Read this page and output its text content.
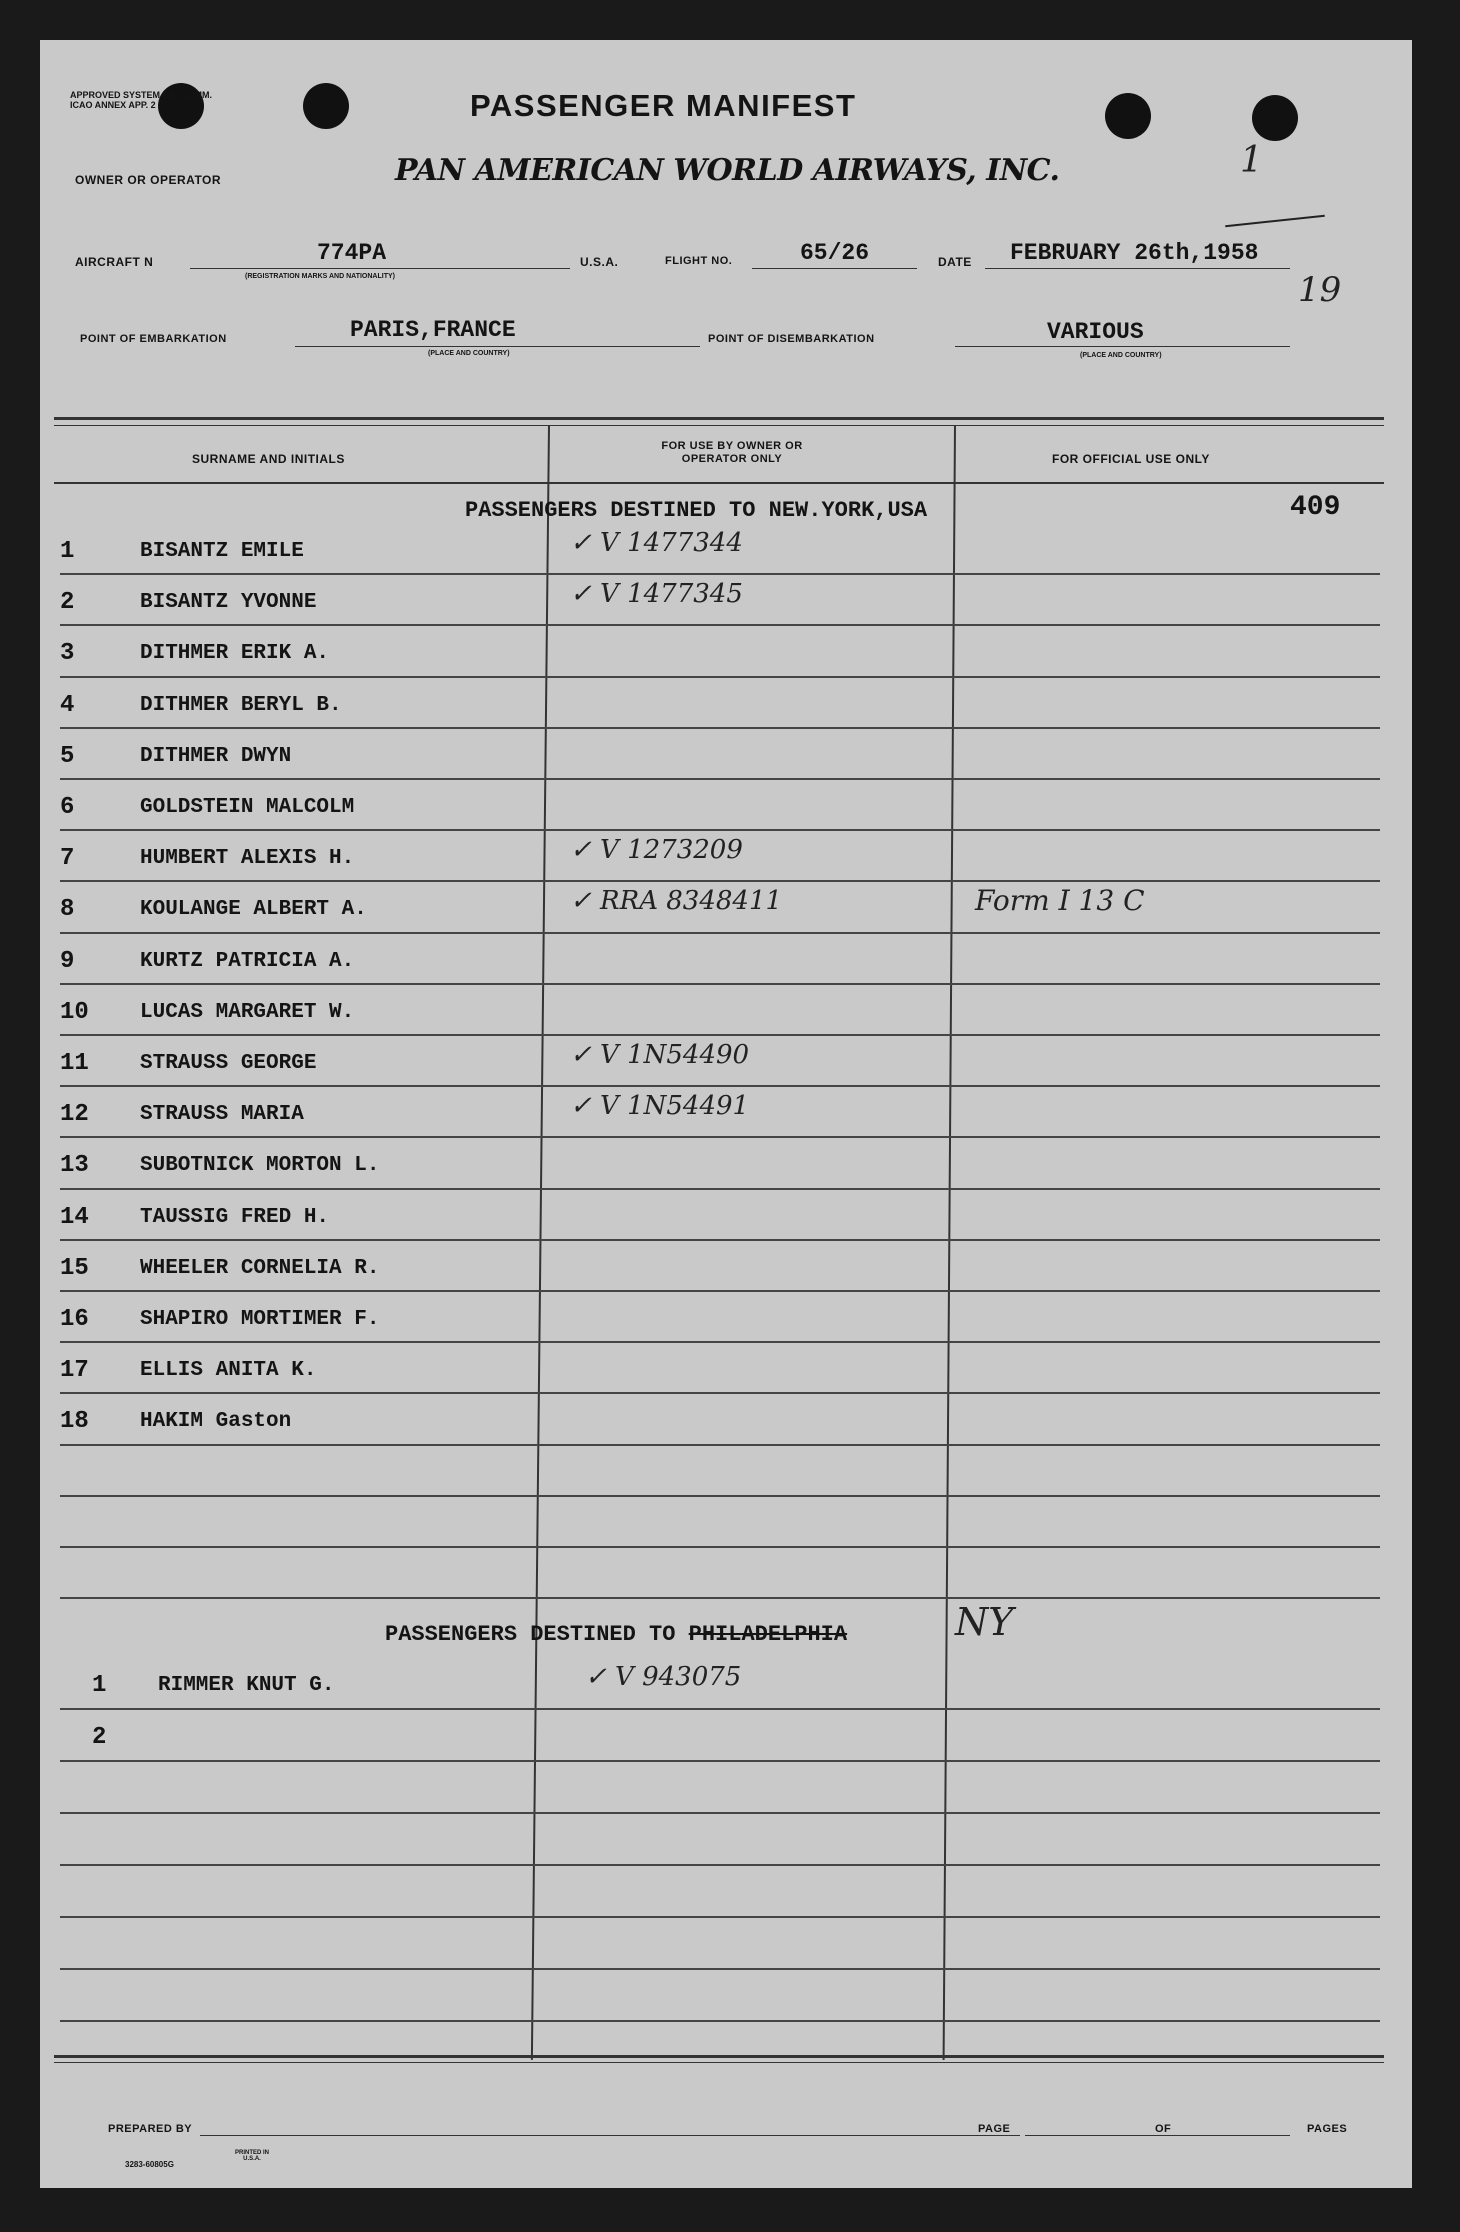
APPROVED SYSTEM F.A. COMM. ICAO ANNEX APP. 2	PASSENGER MANIFEST
OWNER OR OPERATOR	PAN AMERICAN WORLD AIRWAYS, INC.	1
19
AIRCRAFT N	774PA
(REGISTRATION MARKS AND NATIONALITY)
U.S.A.	FLIGHT NO.	65/26	DATE FEBRUARY 26th,1958
POINT OF EMBARKATION	PARIS,FRANCE
(PLACE AND COUNTRY)
POINT OF DISEMBARKATION	VARIOUS
(PLACE AND COUNTRY)
SURNAME AND INITIALS
FOR USE BY OWNER OR OPERATOR ONLY	FOR OFFICIAL USE ONLY
PASSENGERS DESTINED TO NEW.YORK,USA	409
1	BISANTZ EMILE	✓ V 1477344
2	BISANTZ YVONNE	✓ V 1477345
3	DITHMER ERIK A.
4	DITHMER BERYL B.
5	DITHMER DWYN
6	GOLDSTEIN MALCOLM
7	HUMBERT ALEXIS H.	✓ V 1273209
8	KOULANGE ALBERT A.	✓ RRA 8348411	Form I 13 C
9	KURTZ PATRICIA A.
10 LUCAS MARGARET W.
11 STRAUSS GEORGE	✓ V 1N54490
12 STRAUSS MARIA	✓ V 1N54491
13 SUBOTNICK MORTON L.
14 TAUSSIG FRED H.
15 WHEELER CORNELIA R.
16 SHAPIRO MORTIMER F.
17 ELLIS ANITA K.
18 HAKIM Gaston
PASSENGERS DESTINED TO PHILADELPHIA	NY
1 RIMMER KNUT G.	✓ V 943075
2
PREPARED BY	PAGE	OF	PAGES
3283-60805G
PRINTED IN U.S.A.
